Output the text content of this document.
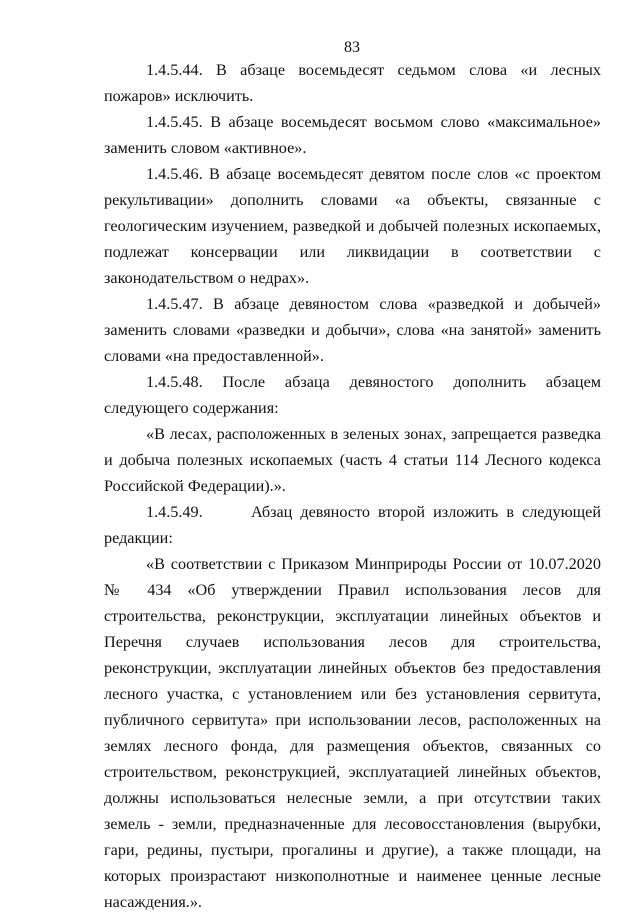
83

1.4.5.44. В абзаце восемьдесят седьмом слова «и лесных пожаров» исключить.

1.4.5.45. В абзаце восемьдесят восьмом слово «максимальное» заменить словом «активное».

1.4.5.46. В абзаце восемьдесят девятом после слов «с проектом рекультивации» дополнить словами «а объекты, связанные с геологическим изучением, разведкой и добычей полезных ископаемых, подлежат консервации или ликвидации в соответствии с законодательством о недрах».

1.4.5.47. В абзаце девяностом слова «разведкой и добычей» заменить словами «разведки и добычи», слова «на занятой» заменить словами «на предоставленной».

1.4.5.48. После абзаца девяностого дополнить абзацем следующего содержания:

«В лесах, расположенных в зеленых зонах, запрещается разведка и добыча полезных ископаемых (часть 4 статьи 114 Лесного кодекса Российской Федерации).».

1.4.5.49.      Абзац девяносто второй изложить в следующей редакции:

«В соответствии с Приказом Минприроды России от 10.07.2020 № 434 «Об утверждении Правил использования лесов для строительства, реконструкции, эксплуатации линейных объектов и Перечня случаев использования лесов для строительства, реконструкции, эксплуатации линейных объектов без предоставления лесного участка, с установлением или без установления сервитута, публичного сервитута» при использовании лесов, расположенных на землях лесного фонда, для размещения объектов, связанных со строительством, реконструкцией, эксплуатацией линейных объектов, должны использоваться нелесные земли, а при отсутствии таких земель - земли, предназначенные для лесовосстановления (вырубки, гари, редины, пустыри, прогалины и другие), а также площади, на которых произрастают низкополнотные и наименее ценные лесные насаждения.».
